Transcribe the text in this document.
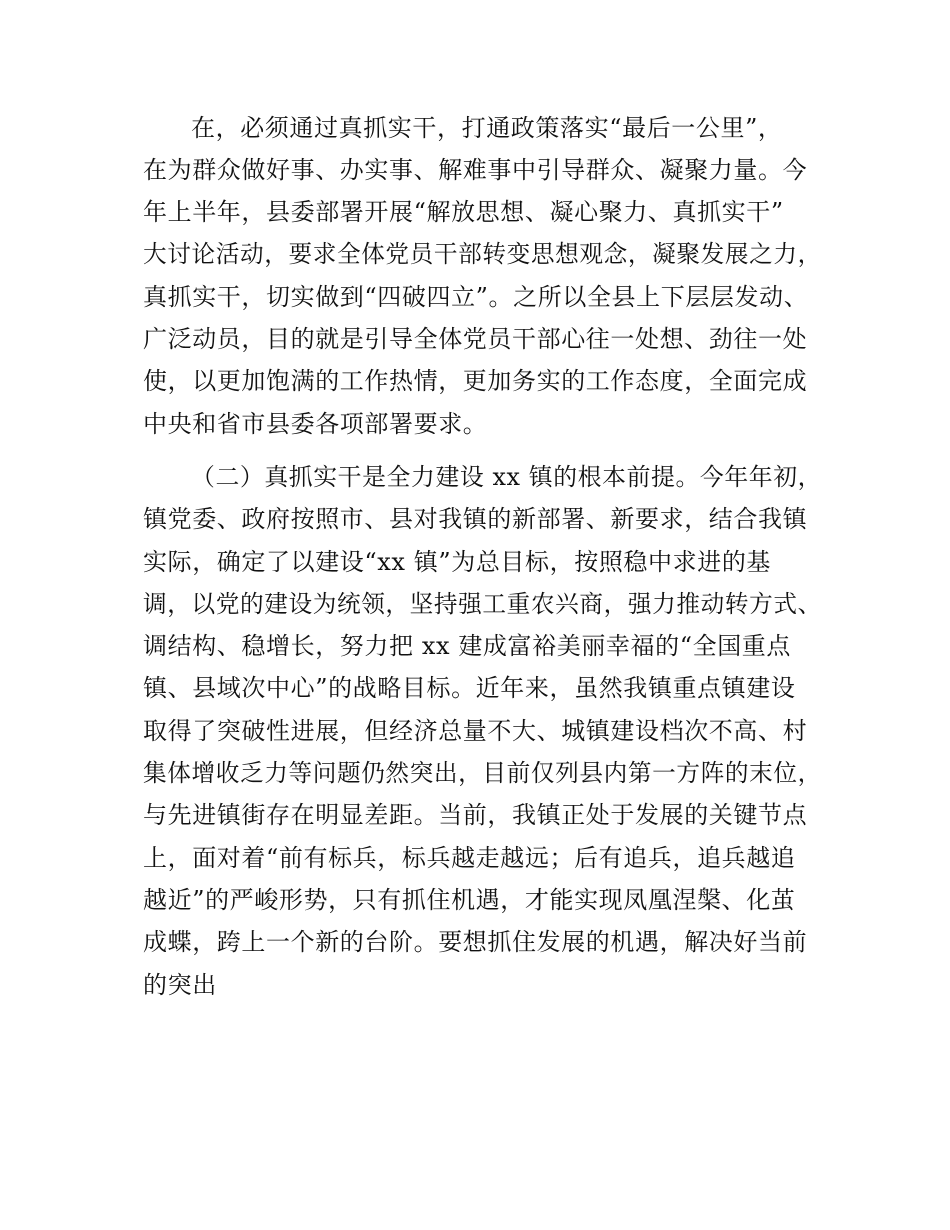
在，必须通过真抓实干，打通政策落实“最后一公里”，

在为群众做好事、办实事、解难事中引导群众、凝聚力量。今

年上半年，县委部署开展“解放思想、凝心聚力、真抓实干”

大讨论活动，要求全体党员干部转变思想观念，凝聚发展之力，

真抓实干，切实做到“四破四立”。之所以全县上下层层发动、

广泛动员，目的就是引导全体党员干部心往一处想、劲往一处

使，以更加饱满的工作热情，更加务实的工作态度，全面完成

中央和省市县委各项部署要求。

（二）真抓实干是全力建设 xx 镇的根本前提。今年年初，

镇党委、政府按照市、县对我镇的新部署、新要求，结合我镇

实际，确定了以建设“xx 镇”为总目标，按照稳中求进的基

调，以党的建设为统领，坚持强工重农兴商，强力推动转方式、

调结构、稳增长，努力把 xx 建成富裕美丽幸福的“全国重点

镇、县域次中心”的战略目标。近年来，虽然我镇重点镇建设

取得了突破性进展，但经济总量不大、城镇建设档次不高、村

集体增收乏力等问题仍然突出，目前仅列县内第一方阵的末位，

与先进镇街存在明显差距。当前，我镇正处于发展的关键节点

上，面对着“前有标兵，标兵越走越远；后有追兵，追兵越追

越近”的严峻形势，只有抓住机遇，才能实现凤凰涅槃、化茧

成蝶，跨上一个新的台阶。要想抓住发展的机遇，解决好当前

的突出
